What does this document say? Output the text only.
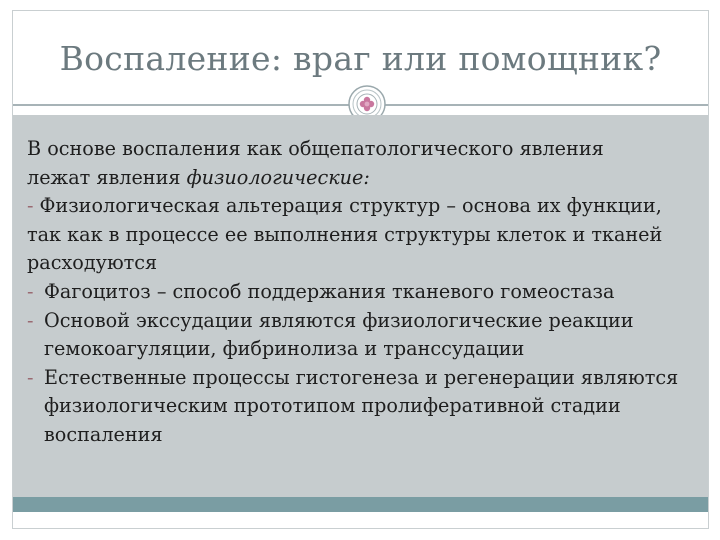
Воспаление: враг или помощник?

В основе воспаления как общепатологического явления

лежат явления физиологические:

- Физиологическая альтерация структур – основа их функции, так как в процессе ее выполнения структуры клеток и тканей расходуются

- Фагоцитоз – способ поддержания тканевого гомеостаза

- Основой экссудации являются физиологические реакции гемокоагуляции, фибринолиза и транссудации

- Естественные процессы гистогенеза и регенерации являются физиологическим прототипом пролиферативной стадии воспаления
